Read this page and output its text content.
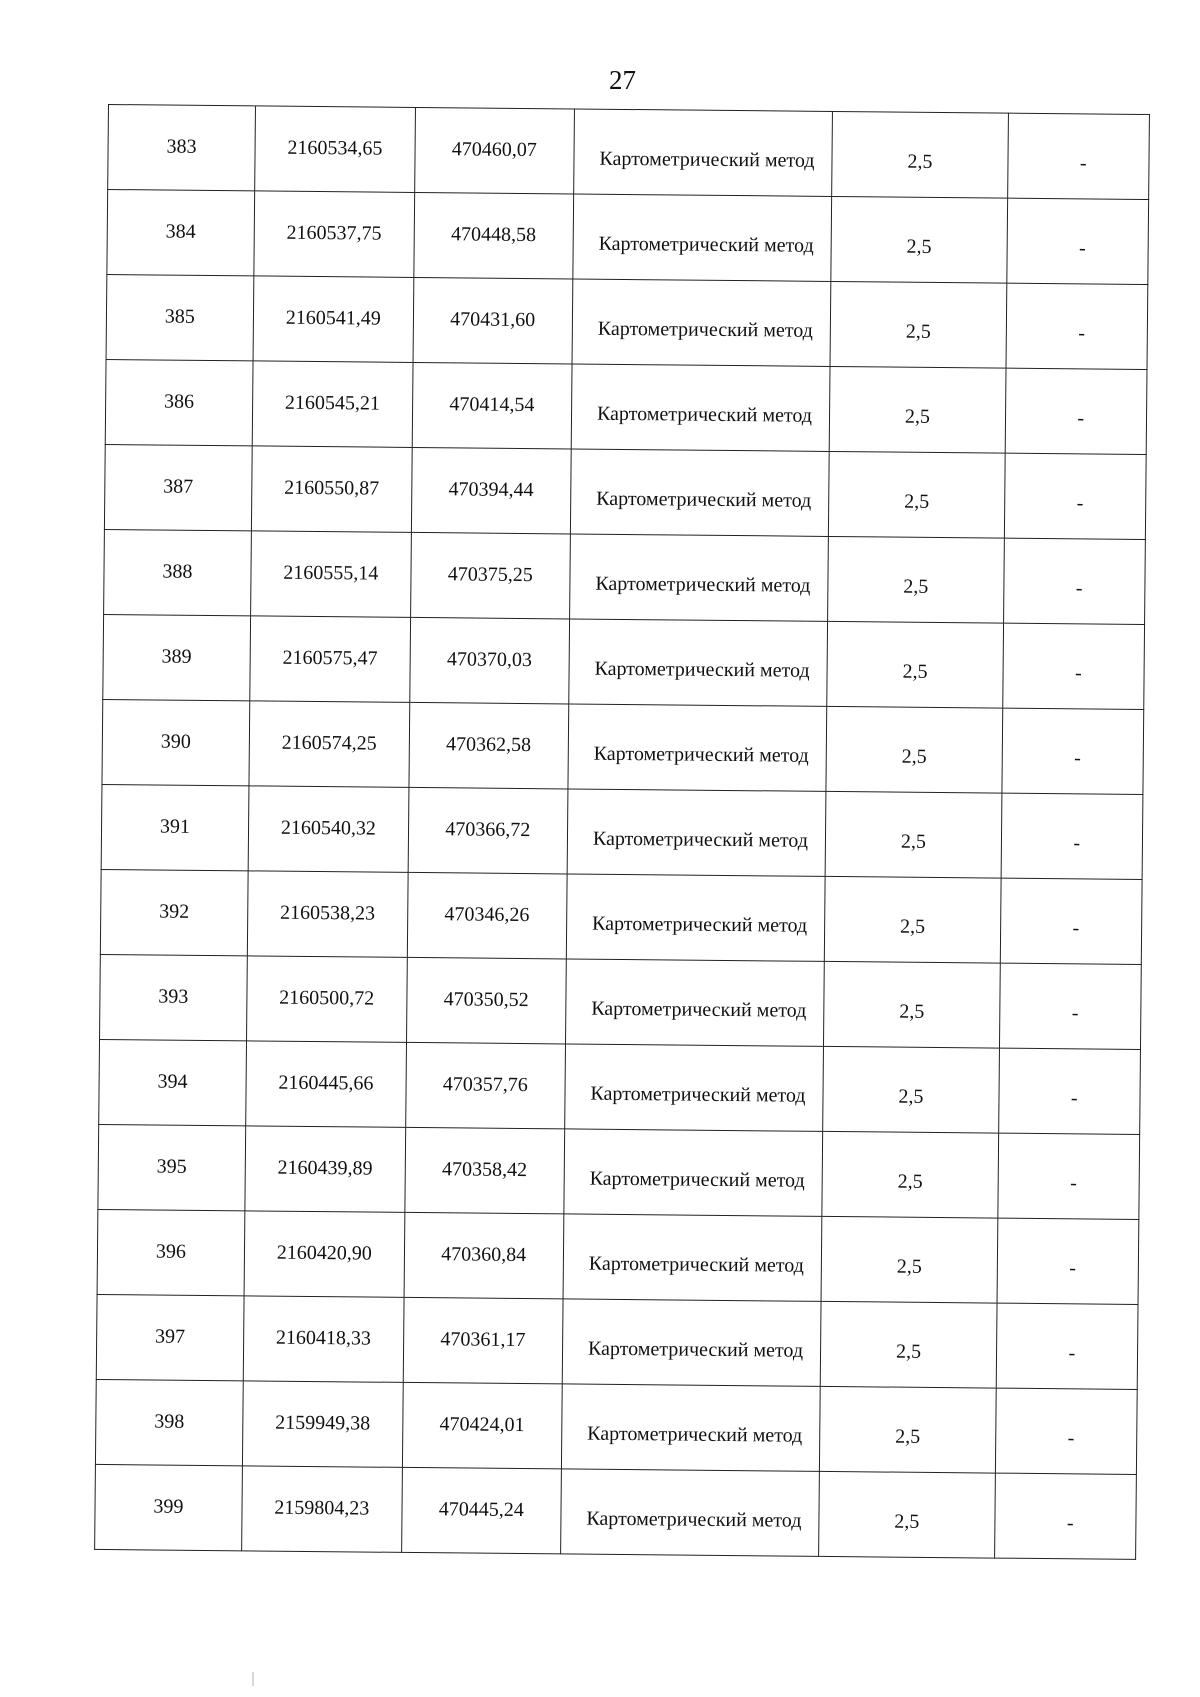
27
383	2160534,65	470460,07	Картометрический метод	2,5	-

384	2160537,75	470448,58	Картометрический метод	2,5	-

385	2160541,49	470431,60	Картометрический метод	2,5	-

386	2160545,21	470414,54	Картометрический метод	2,5	-

387	2160550,87	470394,44	Картометрический метод	2,5	-

388	2160555,14	470375,25	Картометрический метод	2,5	-

389	2160575,47	470370,03	Картометрический метод	2,5	-

390	2160574,25	470362,58	Картометрический метод	2,5	-

391	2160540,32	470366,72	Картометрический метод	2,5	-

392	2160538,23	470346,26	Картометрический метод	2,5	-

393	2160500,72	470350,52	Картометрический метод	2,5	-

394	2160445,66	470357,76	Картометрический метод	2,5	-

395	2160439,89	470358,42	Картометрический метод	2,5	-

396	2160420,90	470360,84	Картометрический метод	2,5	-

397	2160418,33	470361,17	Картометрический метод	2,5	-

398	2159949,38	470424,01	Картометрический метод	2,5	-

399	2159804,23	470445,24	Картометрический метод	2,5	-
